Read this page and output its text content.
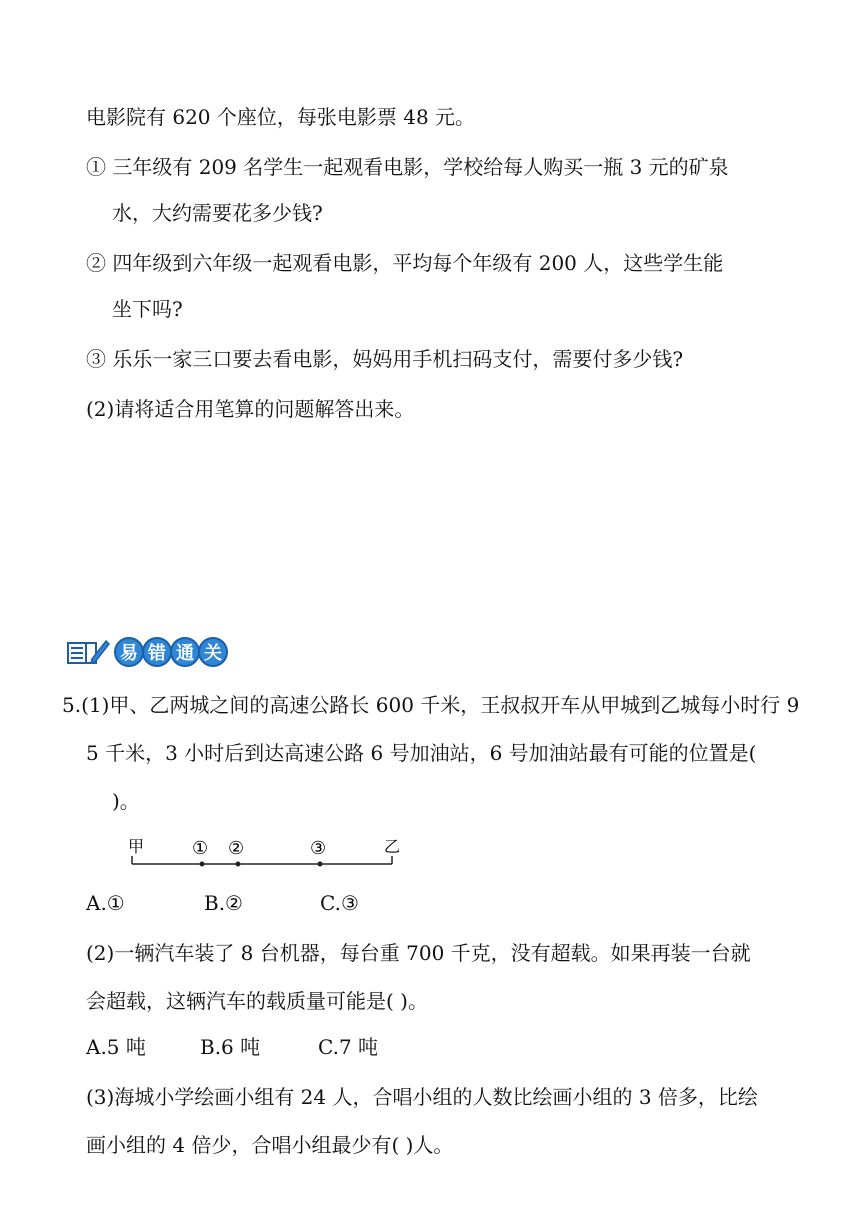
电影院有 620 个座位，每张电影票 48 元。
① 三年级有 209 名学生一起观看电影，学校给每人购买一瓶 3 元的矿泉
水，大约需要花多少钱?
② 四年级到六年级一起观看电影，平均每个年级有 200 人，这些学生能
坐下吗?
③ 乐乐一家三口要去看电影，妈妈用手机扫码支付，需要付多少钱?
(2)请将适合用笔算的问题解答出来。
易 错 通 关
5.(1)甲、乙两城之间的高速公路长 600 千米，王叔叔开车从甲城到乙城每小时行 9
5 千米，3 小时后到达高速公路 6 号加油站，6 号加油站最有可能的位置是(
)。
甲	① ②	③	乙
A.①	B.②	C.③
(2)一辆汽车装了 8 台机器，每台重 700 千克，没有超载。如果再装一台就
会超载，这辆汽车的载质量可能是( )。
A.5 吨	B.6 吨	C.7 吨
(3)海城小学绘画小组有 24 人，合唱小组的人数比绘画小组的 3 倍多，比绘
画小组的 4 倍少，合唱小组最少有( )人。
